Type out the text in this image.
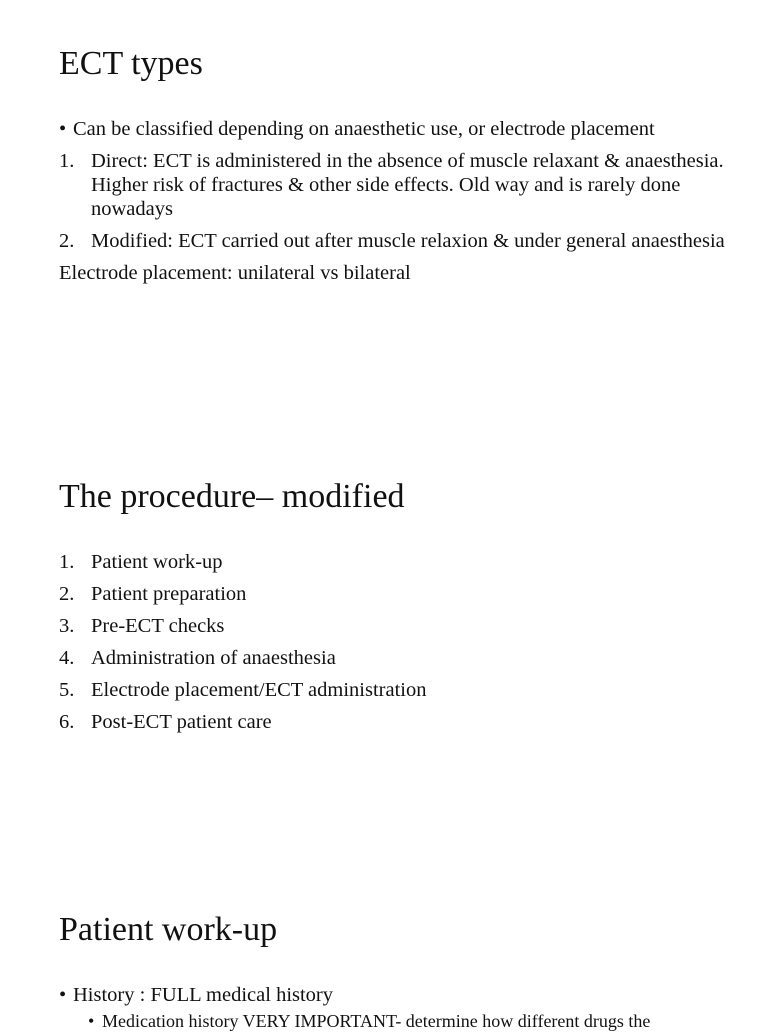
ECT types
• Can be classified depending on anaesthetic use, or electrode placement
1. Direct: ECT is administered in the absence of muscle relaxant & anaesthesia. Higher risk of fractures & other side effects. Old way and is rarely done nowadays
2. Modified: ECT carried out after muscle relaxion & under general anaesthesia
Electrode placement: unilateral vs bilateral
The procedure– modified
1. Patient work-up
2. Patient preparation
3. Pre-ECT checks
4. Administration of anaesthesia
5. Electrode placement/ECT administration
6. Post-ECT patient care
Patient work-up
• History : FULL medical history
• Medication history VERY IMPORTANT- determine how different drugs the
